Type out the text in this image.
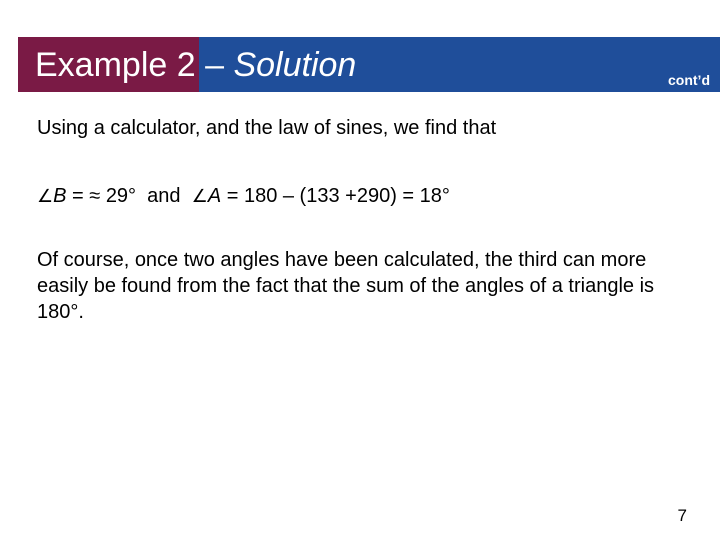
Example 2 – Solution	cont’d

Using a calculator, and the law of sines, we find that

∠B = ≈ 29°  and  ∠A = 180 – (133 +290) = 18°

Of course, once two angles have been calculated, the third can more easily be found from the fact that the sum of the angles of a triangle is 180°.

7
